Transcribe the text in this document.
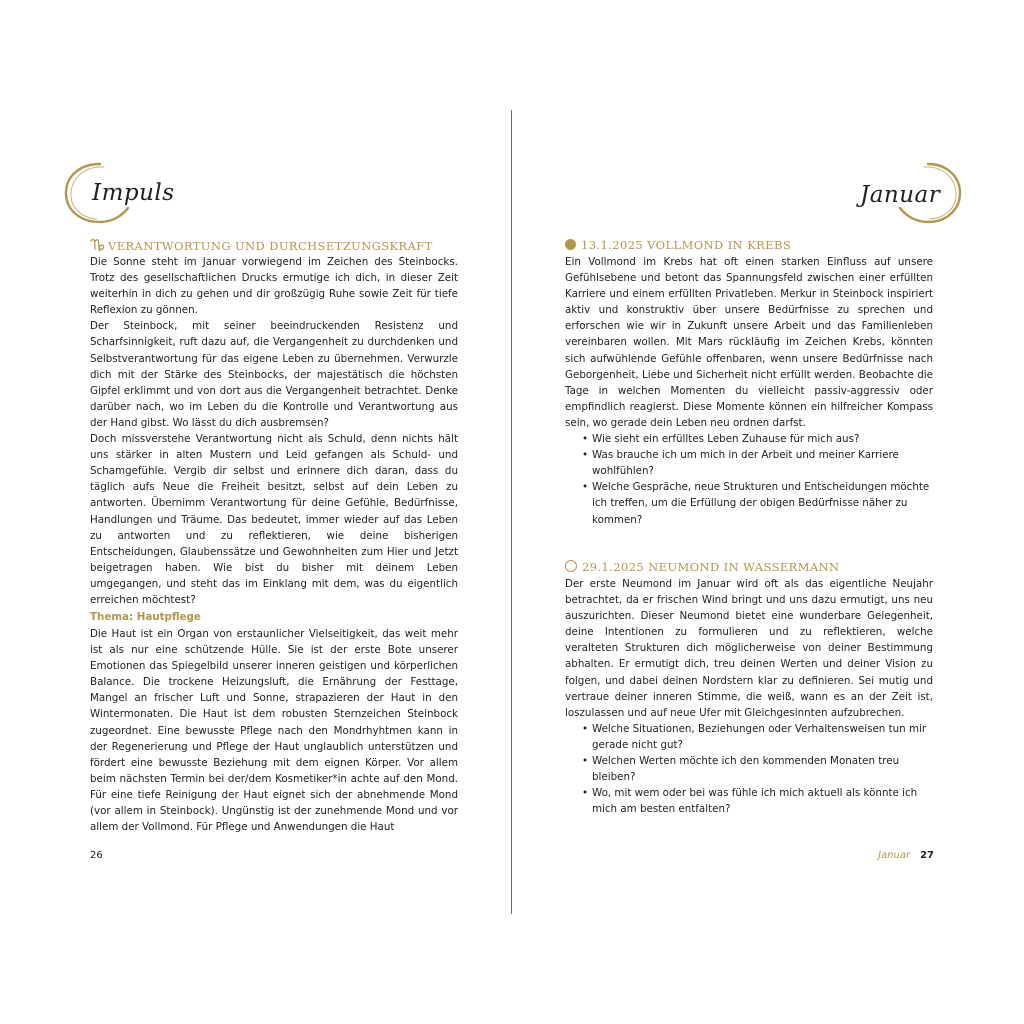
Impuls	Januar
VERANTWORTUNG UND DURCHSETZUNGSKRAFT

Die Sonne steht im Januar vorwiegend im Zeichen des Steinbocks. Trotz des gesellschaftlichen Drucks ermutige ich dich, in dieser Zeit weiterhin in dich zu gehen und dir großzügig Ruhe sowie Zeit für tiefe Reflexion zu gönnen.

Der Steinbock, mit seiner beeindruckenden Resistenz und Scharfsinnigkeit, ruft dazu auf, die Vergangenheit zu durchdenken und Selbstverantwortung für das eigene Leben zu übernehmen. Verwurzle dich mit der Stärke des Steinbocks, der majestätisch die höchsten Gipfel erklimmt und von dort aus die Vergangenheit betrachtet. Denke darüber nach, wo im Leben du die Kontrolle und Verantwortung aus der Hand gibst. Wo lässt du dich ausbremsen?

Doch missverstehe Verantwortung nicht als Schuld, denn nichts hält uns stärker in alten Mustern und Leid gefangen als Schuld- und Schamgefühle. Vergib dir selbst und erinnere dich daran, dass du täglich aufs Neue die Freiheit besitzt, selbst auf dein Leben zu antworten. Übernimm Verantwortung für deine Gefühle, Bedürfnisse, Handlungen und Träume. Das bedeutet, immer wieder auf das Leben zu antworten und zu reflektieren, wie deine bisherigen Entscheidungen, Glaubenssätze und Gewohnheiten zum Hier und Jetzt beigetragen haben. Wie bist du bisher mit deinem Leben umgegangen, und steht das im Einklang mit dem, was du eigentlich erreichen möchtest?

Thema: Hautpflege

Die Haut ist ein Organ von erstaunlicher Vielseitigkeit, das weit mehr ist als nur eine schützende Hülle. Sie ist der erste Bote unserer Emotionen das Spiegelbild unserer inneren geistigen und körperlichen Balance. Die trockene Heizungsluft, die Ernährung der Festtage, Mangel an frischer Luft und Sonne, strapazieren der Haut in den Wintermonaten. Die Haut ist dem robusten Sternzeichen Steinbock zugeordnet. Eine bewusste Pflege nach den Mondrhyhtmen kann in der Regenerierung und Pflege der Haut unglaublich unterstützen und fördert eine bewusste Beziehung mit dem eignen Körper. Vor allem beim nächsten Termin bei der/dem Kosmetiker*in achte auf den Mond. Für eine tiefe Reinigung der Haut eignet sich der abnehmende Mond (vor allem in Steinbock). Ungünstig ist der zunehmende Mond und vor allem der Vollmond. Für Pflege und Anwendungen die Haut

13.1.2025 VOLLMOND IN KREBS

Ein Vollmond im Krebs hat oft einen starken Einfluss auf unsere Gefühlsebene und betont das Spannungsfeld zwischen einer erfüllten Karriere und einem erfüllten Privatleben. Merkur in Steinbock inspiriert aktiv und konstruktiv über unsere Bedürfnisse zu sprechen und erforschen wie wir in Zukunft unsere Arbeit und das Familienleben vereinbaren wollen. Mit Mars rückläufig im Zeichen Krebs, könnten sich aufwühlende Gefühle offenbaren, wenn unsere Bedürfnisse nach Geborgenheit, Liebe und Sicherheit nicht erfüllt werden. Beobachte die Tage in welchen Momenten du vielleicht passiv-aggressiv oder empfindlich reagierst. Diese Momente können ein hilfreicher Kompass sein, wo gerade dein Leben neu ordnen darfst.

• Wie sieht ein erfülltes Leben Zuhause für mich aus?
• Was brauche ich um mich in der Arbeit und meiner Karriere wohlfühlen?
• Welche Gespräche, neue Strukturen und Entscheidungen möchte ich treffen, um die Erfüllung der obigen Bedürfnisse näher zu kommen?
29.1.2025 NEUMOND IN WASSERMANN

Der erste Neumond im Januar wird oft als das eigentliche Neujahr betrachtet, da er frischen Wind bringt und uns dazu ermutigt, uns neu auszurichten. Dieser Neumond bietet eine wunderbare Gelegenheit, deine Intentionen zu formulieren und zu reflektieren, welche veralteten Strukturen dich möglicherweise von deiner Bestimmung abhalten. Er ermutigt dich, treu deinen Werten und deiner Vision zu folgen, und dabei deinen Nordstern klar zu definieren. Sei mutig und vertraue deiner inneren Stimme, die weiß, wann es an der Zeit ist, loszulassen und auf neue Ufer mit Gleichgesinnten aufzubrechen.

• Welche Situationen, Beziehungen oder Verhaltensweisen tun mir gerade nicht gut?
• Welchen Werten möchte ich den kommenden Monaten treu bleiben?
• Wo, mit wem oder bei was fühle ich mich aktuell als könnte ich mich am besten entfalten?
26	Januar 27
